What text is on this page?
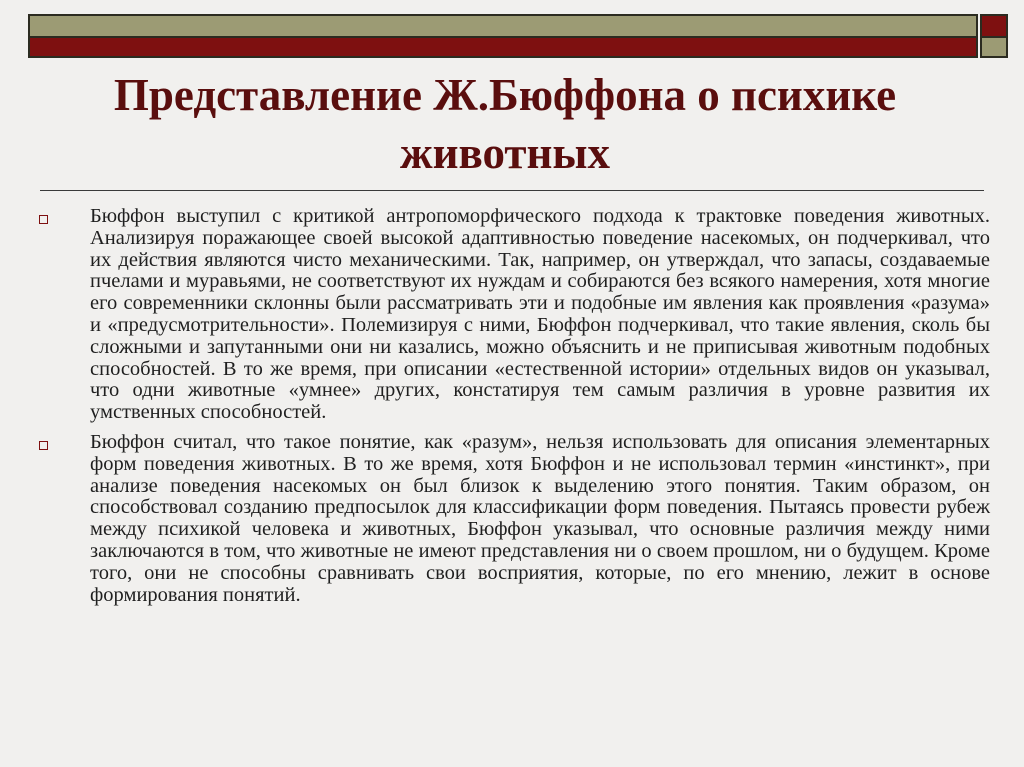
Представление Ж.Бюффона о психике животных

Бюффон выступил с критикой антропоморфического подхода к трактовке поведения животных. Анализируя поражающее своей высокой адаптивностью поведение насекомых, он подчеркивал, что их действия являются чисто механическими. Так, например, он утверждал, что запасы, создаваемые пчелами и муравьями, не соответствуют их нуждам и собираются без всякого намерения, хотя многие его современники склонны были рассматривать эти и подобные им явления как проявления «разума» и «предусмотрительности». Полемизируя с ними, Бюффон подчеркивал, что такие явления, сколь бы сложными и запутанными они ни казались, можно объяснить и не приписывая животным подобных способностей. В то же время, при описании «естественной истории» отдельных видов он указывал, что одни животные «умнее» других, констатируя тем самым различия в уровне развития их умственных способностей.

Бюффон считал, что такое понятие, как «разум», нельзя использовать для описания элементарных форм поведения животных. В то же время, хотя Бюффон и не использовал термин «инстинкт», при анализе поведения насекомых он был близок к выделению этого понятия. Таким образом, он способствовал созданию предпосылок для классификации форм поведения. Пытаясь провести рубеж между психикой человека и животных, Бюффон указывал, что основные различия между ними заключаются в том, что животные не имеют представления ни о своем прошлом, ни о будущем. Кроме того, они не способны сравнивать свои восприятия, которые, по его мнению, лежит в основе формирования понятий.
